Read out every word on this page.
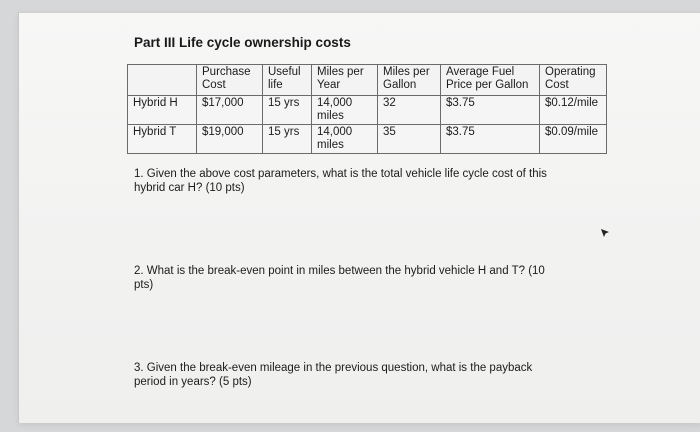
Part III Life cycle ownership costs
	Purchase Cost	Useful life	Miles per Year	Miles per Gallon	Average Fuel Price per Gallon	Operating Cost
Hybrid H	$17,000	15 yrs	14,000 miles	32	$3.75	$0.12/mile
Hybrid T	$19,000	15 yrs	14,000 miles	35	$3.75	$0.09/mile

1. Given the above cost parameters, what is the total vehicle life cycle cost of this hybrid car H? (10 pts)

2. What is the break-even point in miles between the hybrid vehicle H and T? (10 pts)

3. Given the break-even mileage in the previous question, what is the payback period in years? (5 pts)
